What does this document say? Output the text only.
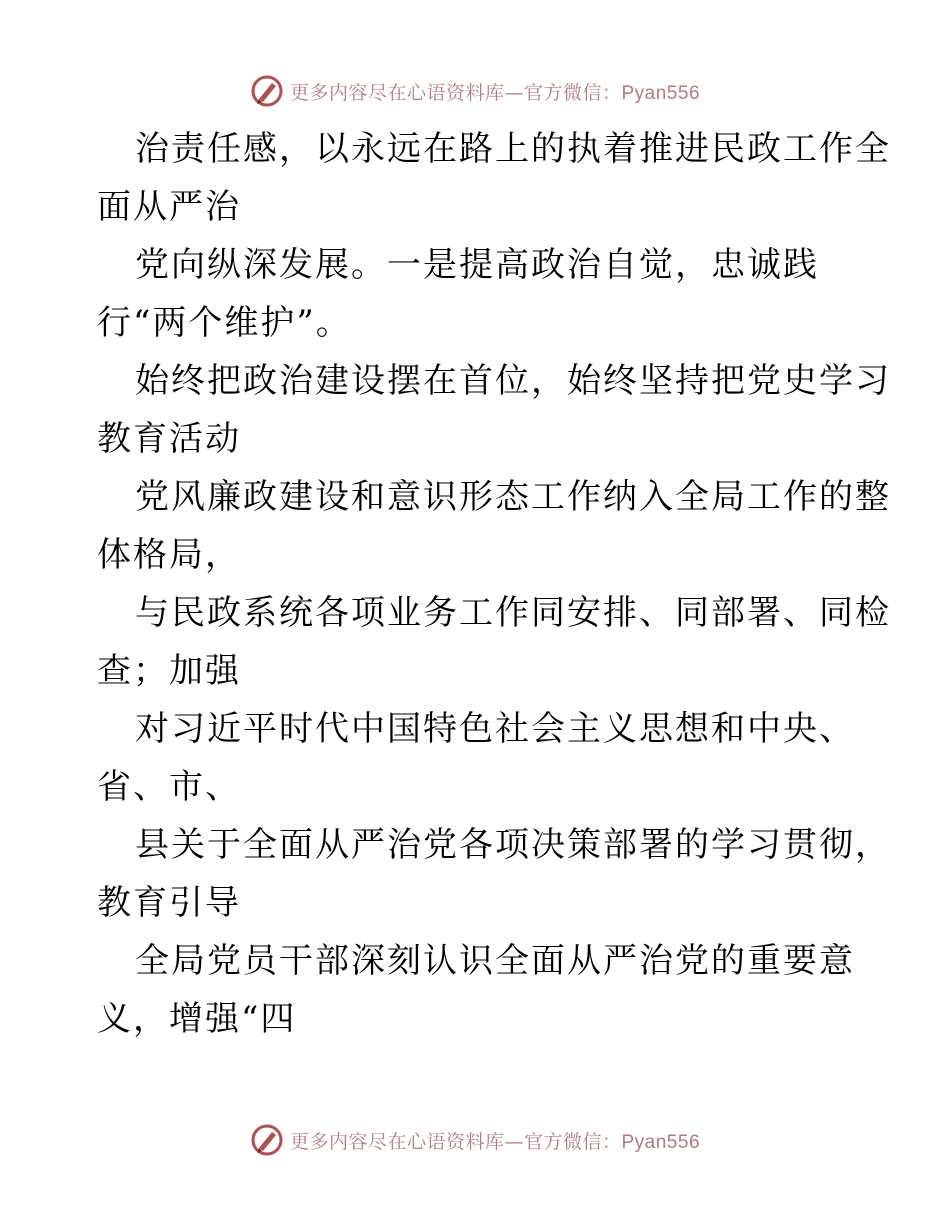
更多内容尽在心语资料库—官方微信：Pyan556
治责任感，以永远在路上的执着推进民政工作全
面从严治
党向纵深发展。一是提高政治自觉，忠诚践
行“两个维护”。
始终把政治建设摆在首位，始终坚持把党史学习
教育活动
党风廉政建设和意识形态工作纳入全局工作的整
体格局，
与民政系统各项业务工作同安排、同部署、同检
查；加强
对习近平时代中国特色社会主义思想和中央、
省、市、
县关于全面从严治党各项决策部署的学习贯彻，
教育引导
全局党员干部深刻认识全面从严治党的重要意
义，增强“四
更多内容尽在心语资料库—官方微信：Pyan556
